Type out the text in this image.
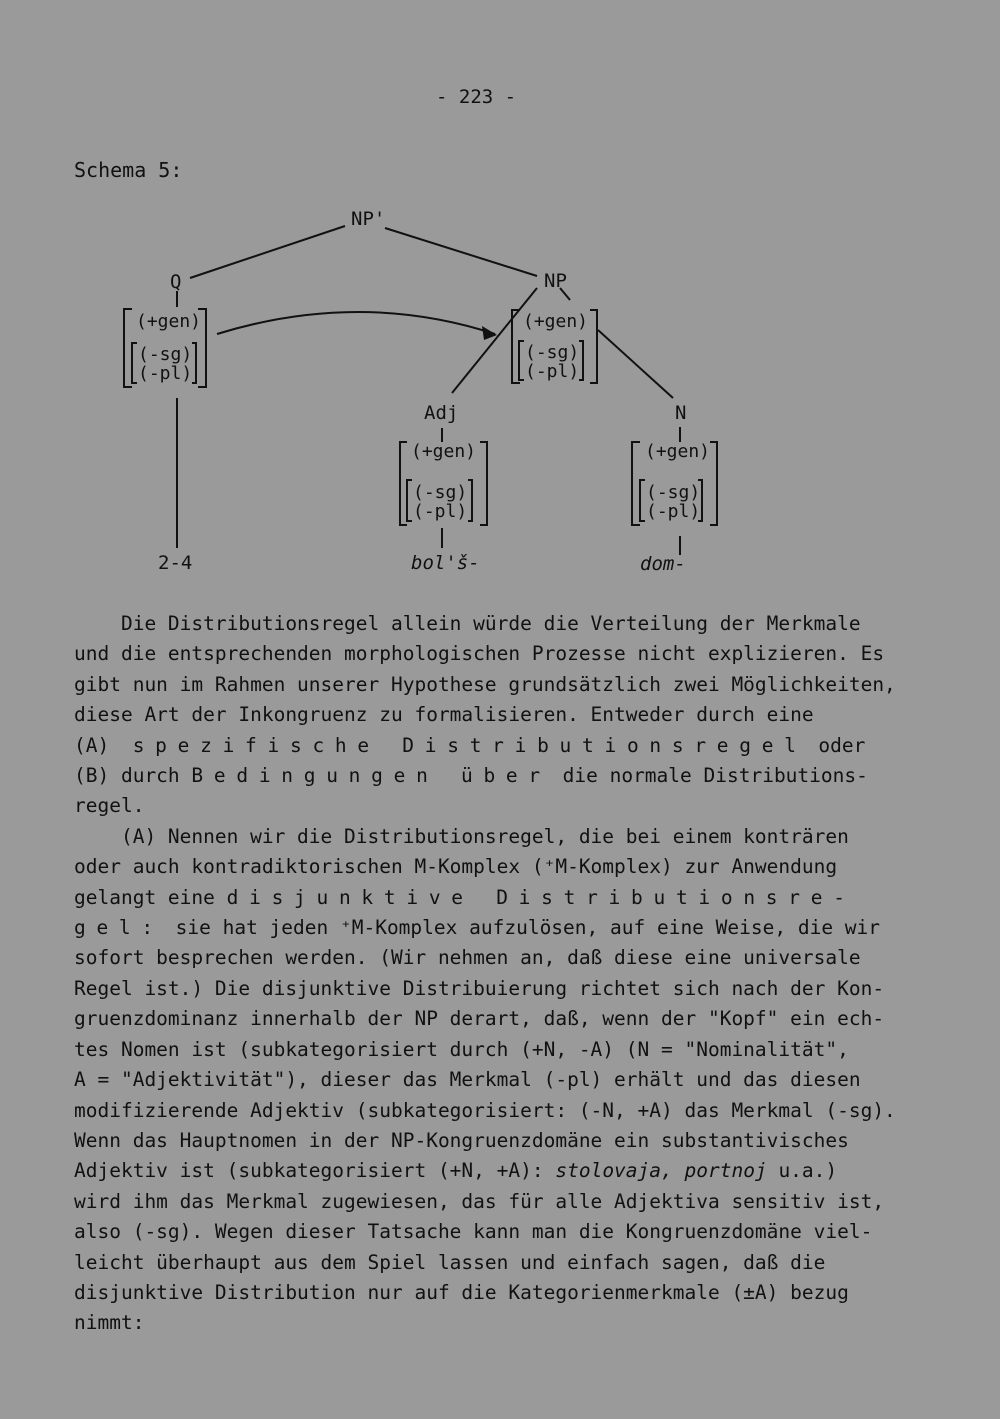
- 223 -
Schema 5:
NP'
Q	NP
Adj	N
(+gen)
(-sg)
(-pl)
(+gen)
(-sg)
(-pl)
(+gen)
(-sg)
(-pl)
(+gen)
(-sg)
(-pl)
2-4	bol'š-	dom-
Die Distributionsregel allein würde die Verteilung der Merkmale
und die entsprechenden morphologischen Prozesse nicht explizieren. Es
gibt nun im Rahmen unserer Hypothese grundsätzlich zwei Möglichkeiten,
diese Art der Inkongruenz zu formalisieren. Entweder durch eine
(A) spezifische Distributionsregel oder
(B) durch Bedingungen über die normale Distributions-
regel.
(A) Nennen wir die Distributionsregel, die bei einem konträren
oder auch kontradiktorischen M-Komplex (⁺M-Komplex) zur Anwendung
gelangt eine disjunktive Distributionsre-
gel: sie hat jeden ⁺M-Komplex aufzulösen, auf eine Weise, die wir
sofort besprechen werden. (Wir nehmen an, daß diese eine universale
Regel ist.) Die disjunktive Distribuierung richtet sich nach der Kon-
gruenzdominanz innerhalb der NP derart, daß, wenn der "Kopf" ein ech-
tes Nomen ist (subkategorisiert durch (+N, -A) (N = "Nominalität",
A = "Adjektivität"), dieser das Merkmal (-pl) erhält und das diesen
modifizierende Adjektiv (subkategorisiert: (-N, +A) das Merkmal (-sg).
Wenn das Hauptnomen in der NP-Kongruenzdomäne ein substantivisches
Adjektiv ist (subkategorisiert (+N, +A): stolovaja, portnoj u.a.)
wird ihm das Merkmal zugewiesen, das für alle Adjektiva sensitiv ist,
also (-sg). Wegen dieser Tatsache kann man die Kongruenzdomäne viel-
leicht überhaupt aus dem Spiel lassen und einfach sagen, daß die
disjunktive Distribution nur auf die Kategorienmerkmale (±A) bezug
nimmt:
